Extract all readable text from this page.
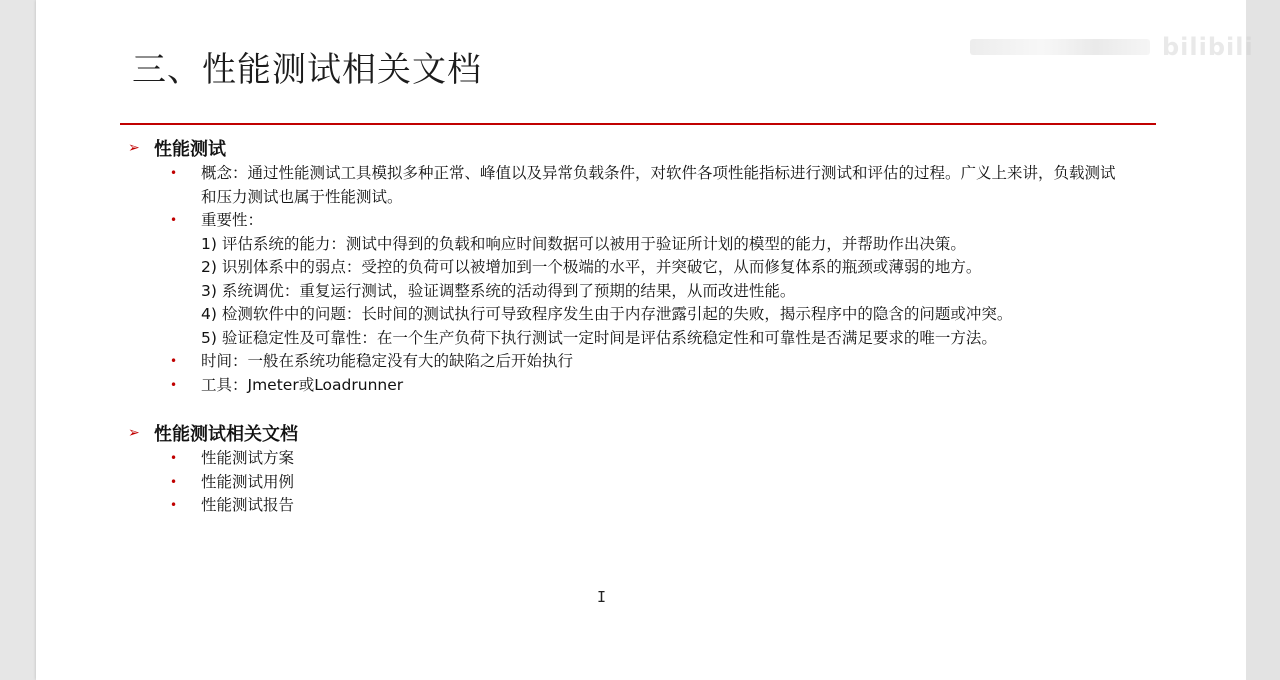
三、性能测试相关文档
➢ 性能测试
• 概念：通过性能测试工具模拟多种正常、峰值以及异常负载条件，对软件各项性能指标进行测试和评估的过程。广义上来讲，负载测试和压力测试也属于性能测试。
• 重要性：
1) 评估系统的能力：测试中得到的负载和响应时间数据可以被用于验证所计划的模型的能力，并帮助作出决策。
2) 识别体系中的弱点：受控的负荷可以被增加到一个极端的水平，并突破它，从而修复体系的瓶颈或薄弱的地方。
3) 系统调优：重复运行测试，验证调整系统的活动得到了预期的结果，从而改进性能。
4) 检测软件中的问题：长时间的测试执行可导致程序发生由于内存泄露引起的失败，揭示程序中的隐含的问题或冲突。
5) 验证稳定性及可靠性：在一个生产负荷下执行测试一定时间是评估系统稳定性和可靠性是否满足要求的唯一方法。
• 时间：一般在系统功能稳定没有大的缺陷之后开始执行
• 工具：Jmeter或Loadrunner
➢ 性能测试相关文档
• 性能测试方案
• 性能测试用例
• 性能测试报告
I
bilibili
